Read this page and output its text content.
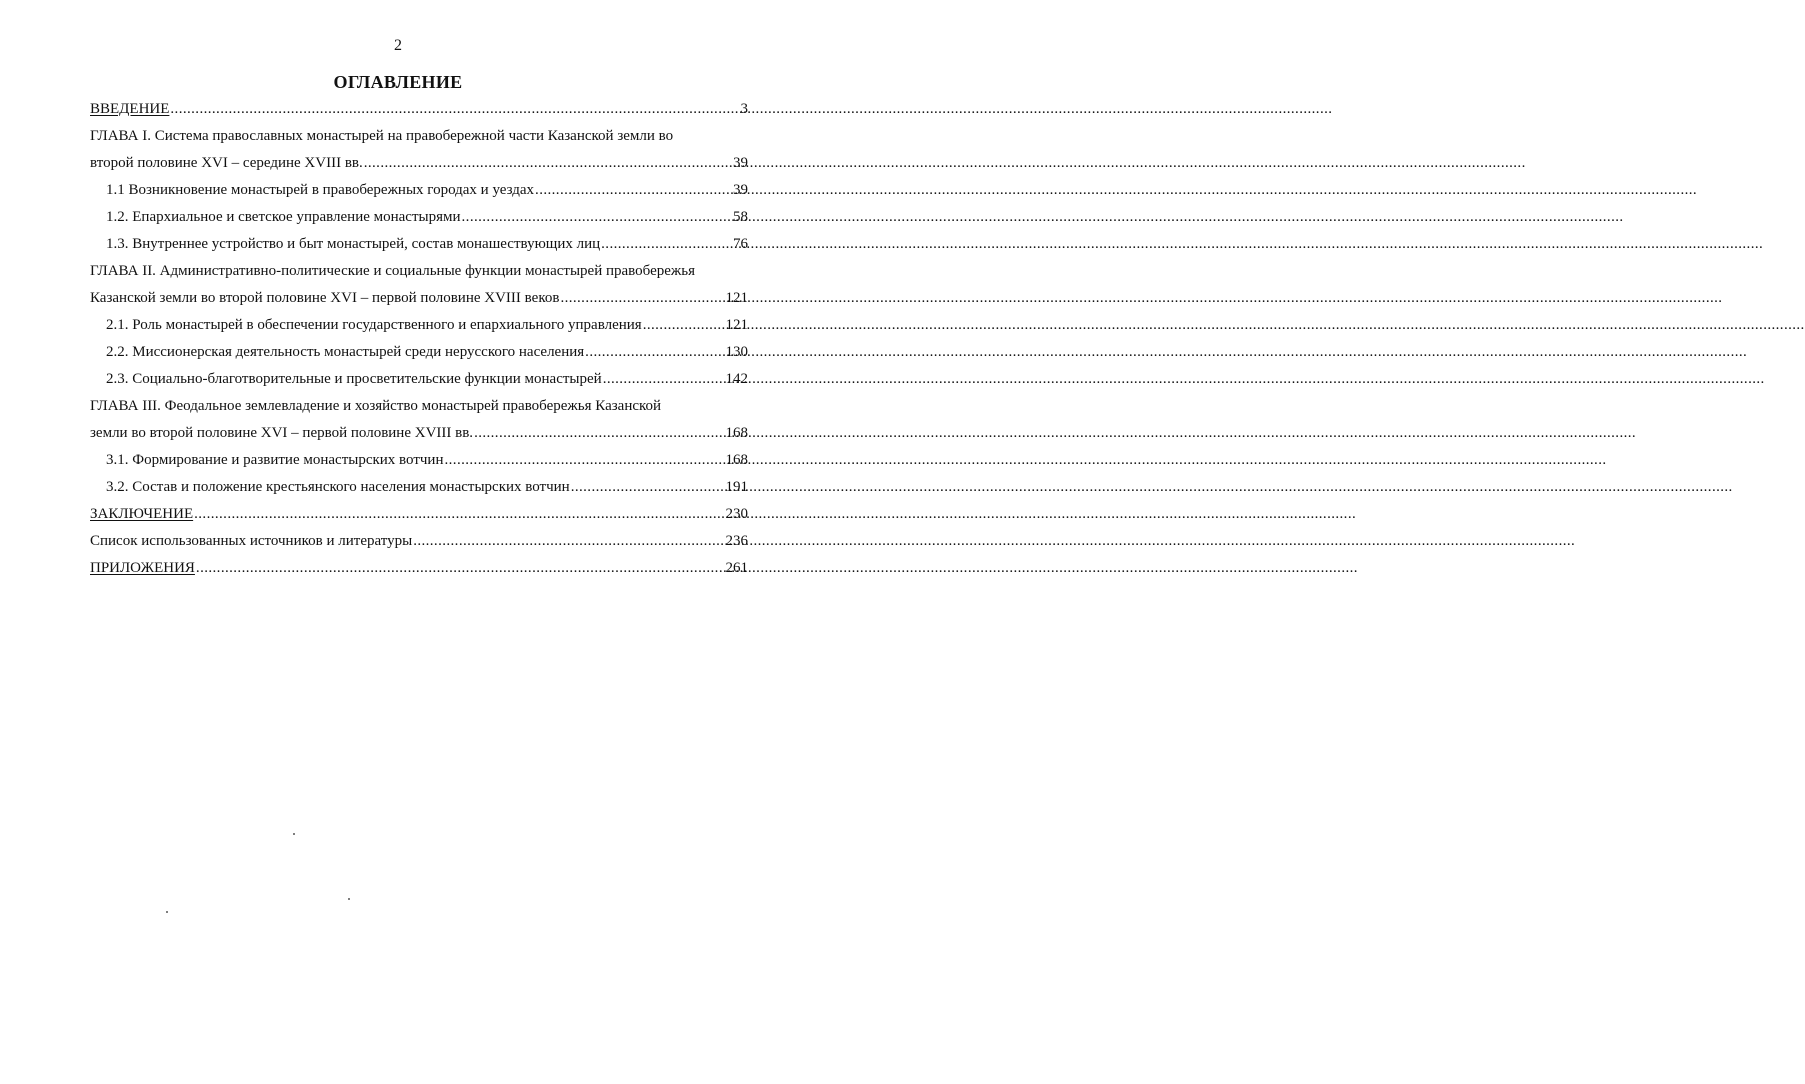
2
ОГЛАВЛЕНИЕ
ВВЕДЕНИЕ .....	3
ГЛАВА I. Система православных монастырей на правобережной части Казанской земли во
второй половине XVI – середине XVIII вв. .....	39
1.1 Возникновение монастырей в правобережных городах и уездах .....	39
1.2. Епархиальное и светское управление монастырями .....	58
1.3. Внутреннее устройство и быт монастырей, состав монашествующих лиц .....	76
ГЛАВА II. Административно-политические и социальные функции монастырей правобережья
Казанской земли во второй половине XVI – первой половине XVIII веков .....	121
2.1. Роль монастырей в обеспечении государственного и епархиального управления .....	121
2.2. Миссионерская деятельность монастырей среди нерусского населения .....	130
2.3. Социально-благотворительные и просветительские функции монастырей .....	142
ГЛАВА III. Феодальное землевладение и хозяйство монастырей правобережья Казанской
земли во второй половине XVI – первой половине XVIII вв. .....	168
3.1. Формирование и развитие монастырских вотчин .....	168
3.2. Состав и положение крестьянского населения монастырских вотчин .....	191
ЗАКЛЮЧЕНИЕ .....	230
Список использованных источников и литературы .....	236
ПРИЛОЖЕНИЯ .....	261
